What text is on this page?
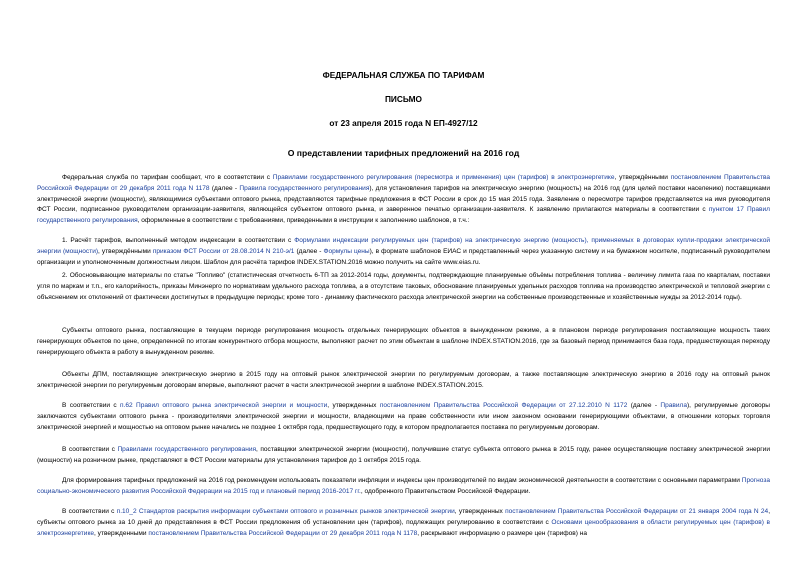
ФЕДЕРАЛЬНАЯ СЛУЖБА ПО ТАРИФАМ
ПИСЬМО
от 23 апреля 2015 года N ЕП-4927/12
О представлении тарифных предложений на 2016 год

Федеральная служба по тарифам сообщает, что в соответствии с Правилами государственного регулирования (пересмотра и применения) цен (тарифов) в электроэнергетике, утверждёнными постановлением Правительства Российской Федерации от 29 декабря 2011 года N 1178 (далее - Правила государственного регулирования), для установления тарифов на электрическую энергию (мощность) на 2016 год (для целей поставки населению) поставщиками электрической энергии (мощности), являющимися субъектами оптового рынка, представляются тарифные предложения в ФСТ России в срок до 15 мая 2015 года. Заявление о пересмотре тарифов представляется на имя руководителя ФСТ России, подписанное руководителем организации-заявителя, являющейся субъектом оптового рынка, и заверенное печатью организации-заявителя. К заявлению прилагаются материалы в соответствии с пунктом 17 Правил государственного регулирования, оформленные в соответствии с требованиями, приведенными в инструкции к заполнению шаблонов, в т.ч.:

1. Расчёт тарифов, выполненный методом индексации в соответствии с Формулами индексации регулируемых цен (тарифов) на электрическую энергию (мощность), применяемых в договорах купли-продажи электрической энергии (мощности), утверждёнными приказом ФСТ России от 28.08.2014 N 210-э/1 (далее - Формулы цены), в формате шаблонов ЕИАС и представленный через указанную систему и на бумажном носителе, подписанный руководителем организации и уполномоченным должностным лицом. Шаблон для расчёта тарифов INDEX.STATION.2016 можно получить на сайте www.eias.ru.

2. Обосновывающие материалы по статье "Топливо" (статистическая отчетность 6-ТП за 2012-2014 годы, документы, подтверждающие планируемые объёмы потребления топлива - величину лимита газа по кварталам, поставки угля по маркам и т.п., его калорийность, приказы Минэнерго по нормативам удельного расхода топлива, а в отсутствие таковых, обоснование планируемых удельных расходов топлива на производство электрической и тепловой энергии с объяснением их отклонений от фактически достигнутых в предыдущие периоды; кроме того - динамику фактического расхода электрической энергии на собственные производственные и хозяйственные нужды за 2012-2014 годы).

Субъекты оптового рынка, поставляющие в текущем периоде регулирования мощность отдельных генерирующих объектов в вынужденном режиме, а в плановом периоде регулирования поставляющие мощность таких генерирующих объектов по цене, определенной по итогам конкурентного отбора мощности, выполняют расчет по этим объектам в шаблоне INDEX.STATION.2016, где за базовый период принимается база года, предшествующая переходу генерирующего объекта в работу в вынужденном режиме.

Объекты ДПМ, поставляющие электрическую энергию в 2015 году на оптовый рынок электрической энергии по регулируемым договорам, а также поставляющие электрическую энергию в 2016 году на оптовый рынок электрической энергии по регулируемым договорам впервые, выполняют расчет в части электрической энергии в шаблоне INDEX.STATION.2015.

В соответствии с п.62 Правил оптового рынка электрической энергии и мощности, утвержденных постановлением Правительства Российской Федерации от 27.12.2010 N 1172 (далее - Правила), регулируемые договоры заключаются субъектами оптового рынка - производителями электрической энергии и мощности, владеющими на праве собственности или ином законном основании генерирующими объектами, в отношении которых торговля электрической энергией и мощностью на оптовом рынке начались не позднее 1 октября года, предшествующего году, в котором предполагается поставка по регулируемым договорам.

В соответствии с Правилами государственного регулирования, поставщики электрической энергии (мощности), получившие статус субъекта оптового рынка в 2015 году, ранее осуществляющие поставку электрической энергии (мощности) на розничном рынке, представляют в ФСТ России материалы для установления тарифов до 1 октября 2015 года.

Для формирования тарифных предложений на 2016 год рекомендуем использовать показатели инфляции и индексы цен производителей по видам экономической деятельности в соответствии с основными параметрами Прогноза социально-экономического развития Российской Федерации на 2015 год и плановый период 2016-2017 гг., одобренного Правительством Российской Федерации.

В соответствии с п.10_2 Стандартов раскрытия информации субъектами оптового и розничных рынков электрической энергии, утвержденных постановлением Правительства Российской Федерации от 21 января 2004 года N 24, субъекты оптового рынка за 10 дней до представления в ФСТ России предложения об установлении цен (тарифов), подлежащих регулированию в соответствии с Основами ценообразования в области регулируемых цен (тарифов) в электроэнергетике, утвержденными постановлением Правительства Российской Федерации от 29 декабря 2011 года N 1178, раскрывают информацию о размере цен (тарифов) на
